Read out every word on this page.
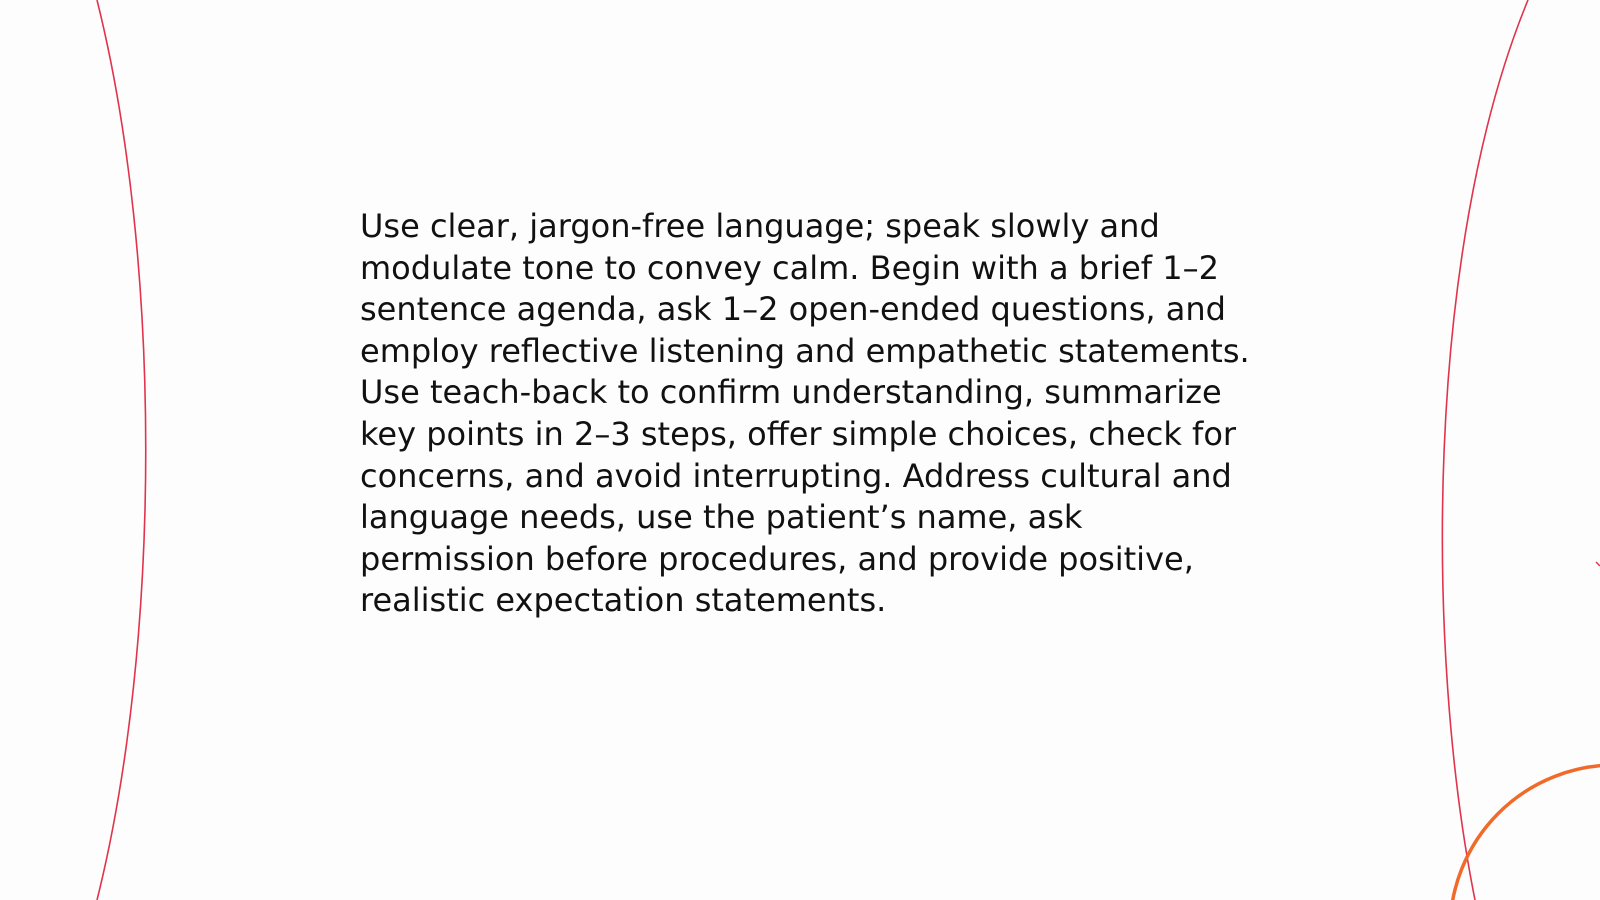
Use clear, jargon-free language; speak slowly and modulate tone to convey calm. Begin with a brief 1–2 sentence agenda, ask 1–2 open-ended questions, and employ reflective listening and empathetic statements. Use teach-back to confirm understanding, summarize key points in 2–3 steps, offer simple choices, check for concerns, and avoid interrupting. Address cultural and language needs, use the patient’s name, ask permission before procedures, and provide positive, realistic expectation statements.
